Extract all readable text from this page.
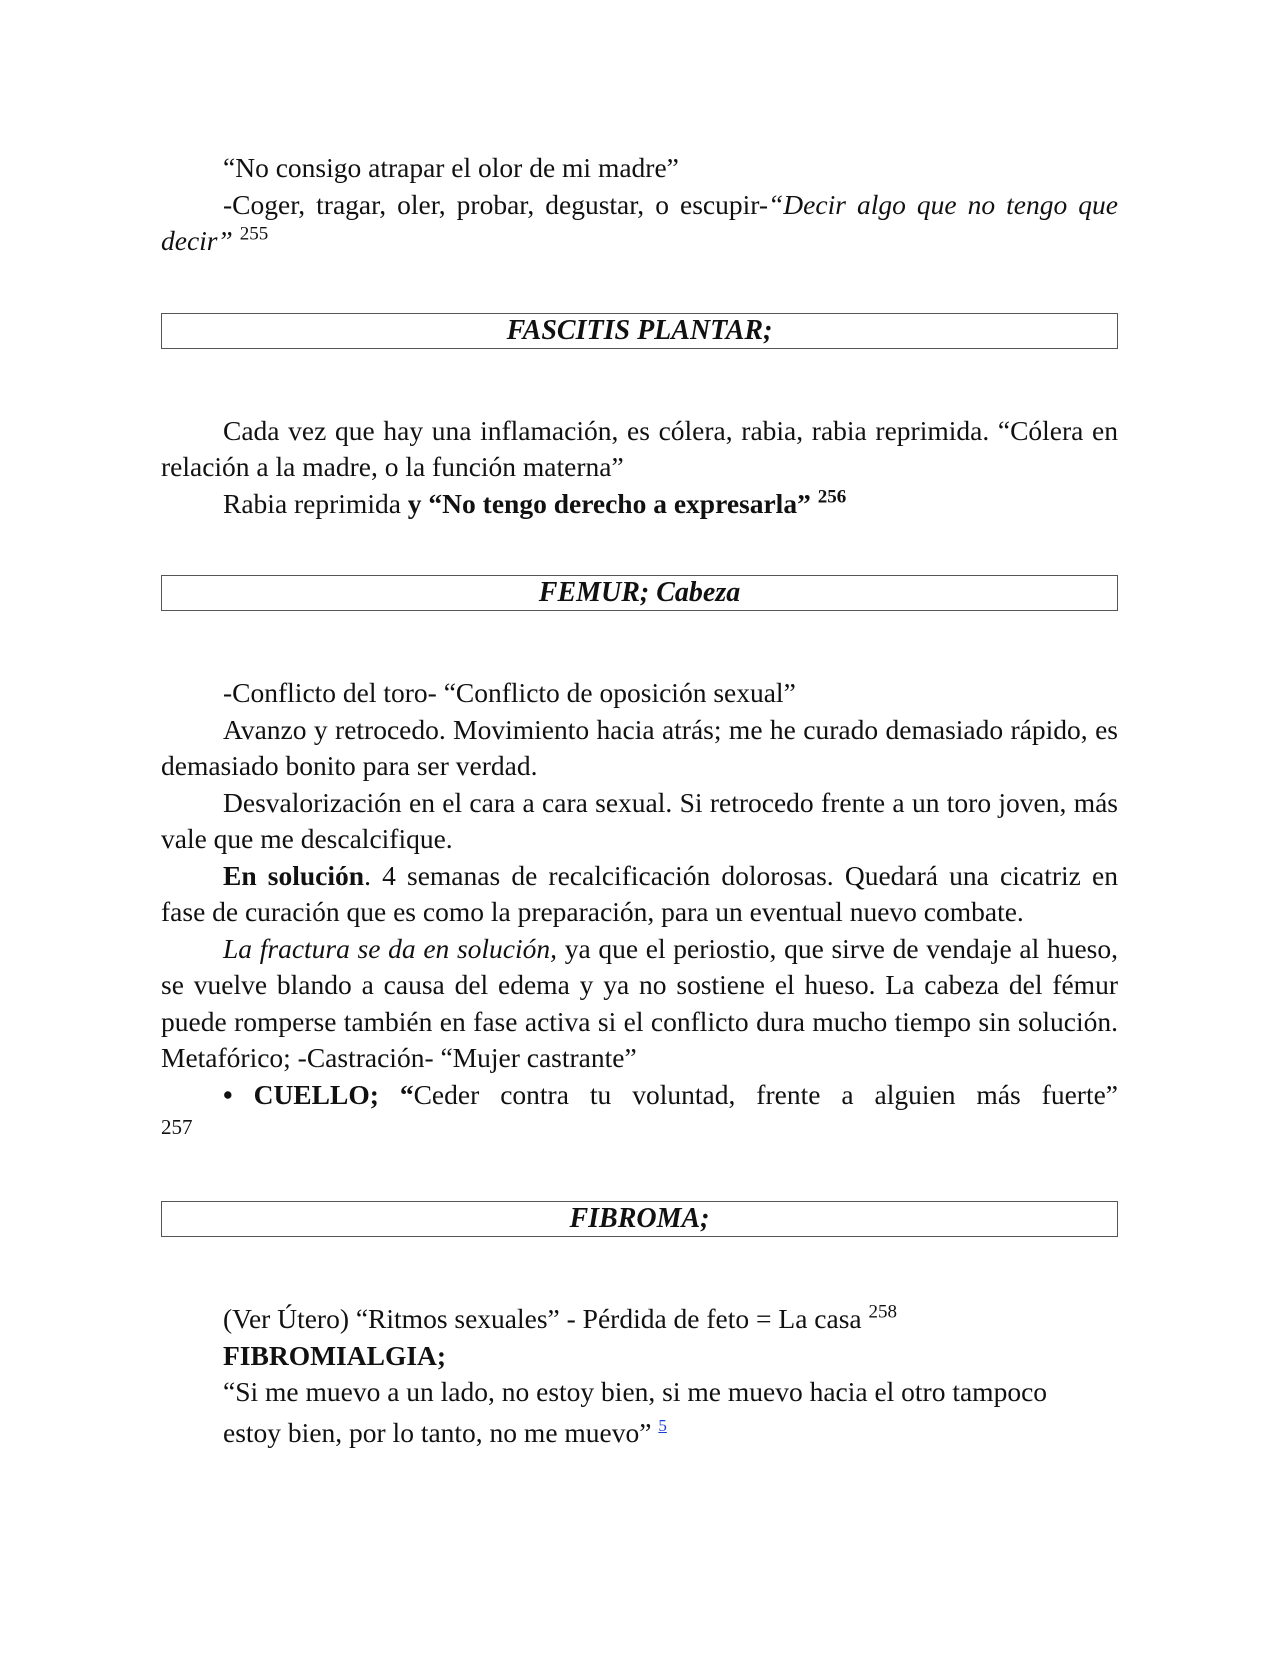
“No consigo atrapar el olor de mi madre”

-Coger, tragar, oler, probar, degustar, o escupir-“Decir algo que no tengo que decir” $^{255}$

FASCITIS PLANTAR;

Cada vez que hay una inflamación, es cólera, rabia, rabia reprimida. “Cólera en relación a la madre, o la función materna”

Rabia reprimida y “No tengo derecho a expresarla” $^{256}$

FEMUR; Cabeza

-Conflicto del toro- “Conflicto de oposición sexual”

Avanzo y retrocedo. Movimiento hacia atrás; me he curado demasiado rápido, es demasiado bonito para ser verdad.

Desvalorización en el cara a cara sexual. Si retrocedo frente a un toro joven, más vale que me descalcifique.

En solución. 4 semanas de recalcificación dolorosas. Quedará una cicatriz en fase de curación que es como la preparación, para un eventual nuevo combate.

La fractura se da en solución, ya que el periostio, que sirve de vendaje al hueso, se vuelve blando a causa del edema y ya no sostiene el hueso. La cabeza del fémur puede romperse también en fase activa si el conflicto dura mucho tiempo sin solución. Metafórico; -Castración- “Mujer castrante”

• CUELLO; “Ceder contra tu voluntad, frente a alguien más fuerte”

257

FIBROMA;

(Ver Útero) “Ritmos sexuales” - Pérdida de feto = La casa $^{258}$

FIBROMIALGIA;

“Si me muevo a un lado, no estoy bien, si me muevo hacia el otro tampoco

estoy bien, por lo tanto, no me muevo” $^5$
